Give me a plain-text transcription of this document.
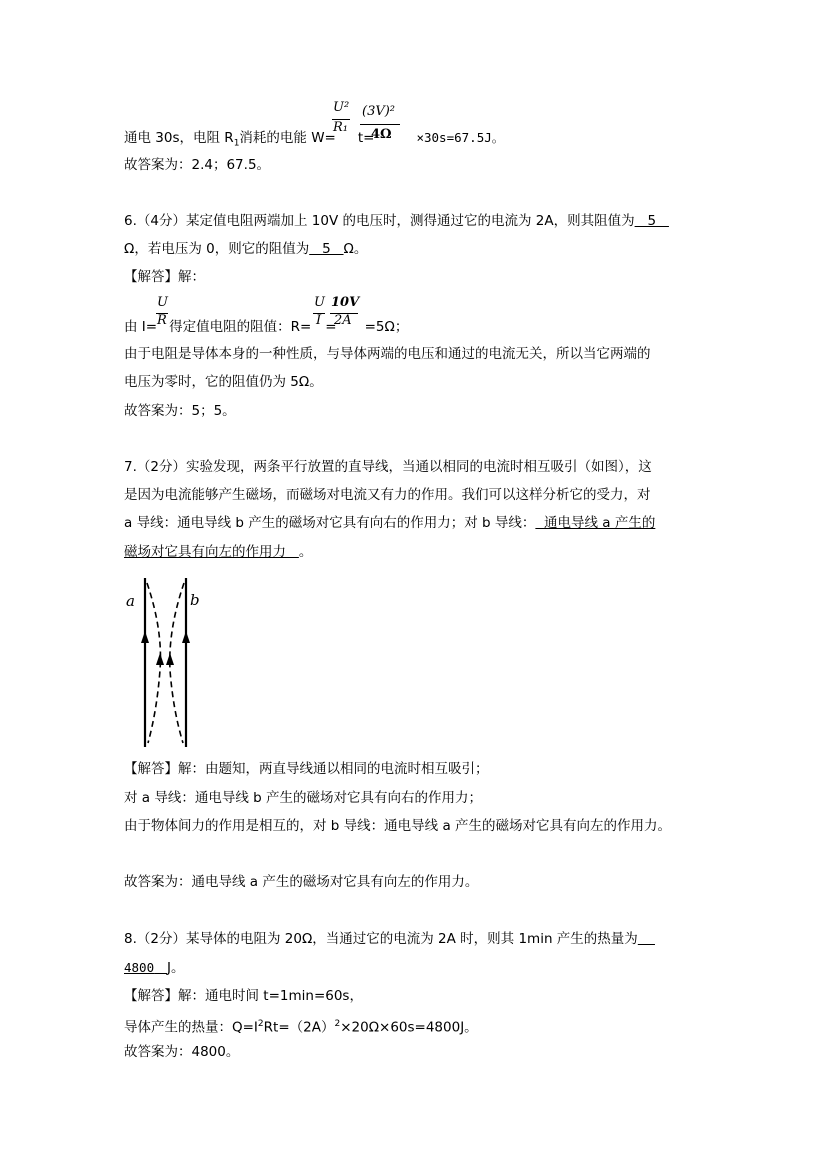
U²
R₁
(3V)²
4Ω
通电 30s，电阻 $R_1$消耗的电能 W= t=	×30s=67.5J。
故答案为：2.4；67.5。
6.（4分）某定值电阻两端加上 10V 的电压时，测得通过它的电流为 2A，则其阻值为   5
Ω，若电压为 0，则它的阻值为   5   Ω。
【解答】解：
U
R
U
I
10V
2A
由 I= 得定值电阻的阻值：R= = =5Ω；
由于电阻是导体本身的一种性质，与导体两端的电压和通过的电流无关，所以当它两端的
电压为零时，它的阻值仍为 5Ω。
故答案为：5；5。
7.（2分）实验发现，两条平行放置的直导线，当通以相同的电流时相互吸引（如图），这
是因为电流能够产生磁场，而磁场对电流又有力的作用。我们可以这样分析它的受力，对
a 导线：通电导线 b 产生的磁场对它具有向右的作用力；对 b 导线：  通电导线 a 产生的
磁场对它具有向左的作用力 。
a	b
【解答】解：由题知，两直导线通以相同的电流时相互吸引；
对 a 导线：通电导线 b 产生的磁场对它具有向右的作用力；
由于物体间力的作用是相互的，对 b 导线：通电导线 a 产生的磁场对它具有向左的作用力。
故答案为：通电导线 a 产生的磁场对它具有向左的作用力。
8.（2分）某导体的电阻为 20Ω，当通过它的电流为 2A 时，则其 1min 产生的热量为
4800 J。
【解答】解：通电时间 t=1min=60s，
导体产生的热量：$Q=I^2Rt=(2A)^2\times 20\Omega\times 60s=4800J$。
故答案为：4800。
